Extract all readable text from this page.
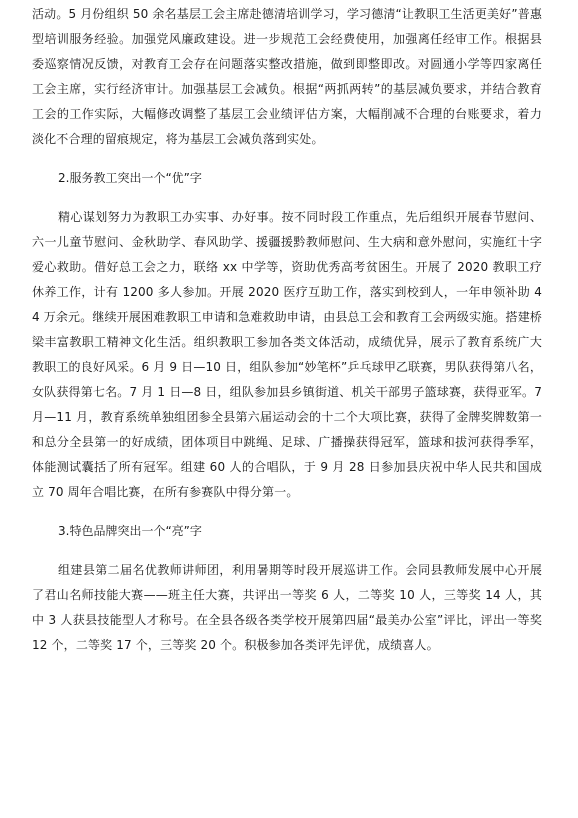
活动。5 月份组织 50 余名基层工会主席赴德清培训学习，学习德清“让教职工生活更美好”普惠型培训服务经验。加强党风廉政建设。进一步规范工会经费使用，加强离任经审工作。根据县委巡察情况反馈，对教育工会存在问题落实整改措施，做到即整即改。对圆通小学等四家离任工会主席，实行经济审计。加强基层工会减负。根据“两抓两转”的基层减负要求，并结合教育工会的工作实际，大幅修改调整了基层工会业绩评估方案，大幅削减不合理的台账要求，着力淡化不合理的留痕规定，将为基层工会减负落到实处。

2.服务教工突出一个“优”字

精心谋划努力为教职工办实事、办好事。按不同时段工作重点，先后组织开展春节慰问、六一儿童节慰问、金秋助学、春风助学、援疆援黔教师慰问、生大病和意外慰问，实施红十字爱心救助。借好总工会之力，联络 xx 中学等，资助优秀高考贫困生。开展了 2020 教职工疗休养工作，计有 1200 多人参加。开展 2020 医疗互助工作，落实到校到人，一年申领补助 44 万余元。继续开展困难教职工申请和急难救助申请，由县总工会和教育工会两级实施。搭建桥梁丰富教职工精神文化生活。组织教职工参加各类文体活动，成绩优异，展示了教育系统广大教职工的良好风采。6 月 9 日—10 日，组队参加“妙笔杯”乒乓球甲乙联赛，男队获得第八名，女队获得第七名。7 月 1 日—8 日，组队参加县乡镇街道、机关干部男子篮球赛，获得亚军。7 月—11 月，教育系统单独组团参全县第六届运动会的十二个大项比赛，获得了金牌奖牌数第一和总分全县第一的好成绩，团体项目中跳绳、足球、广播操获得冠军，篮球和拔河获得季军，体能测试囊括了所有冠军。组建 60 人的合唱队，于 9 月 28 日参加县庆祝中华人民共和国成立 70 周年合唱比赛，在所有参赛队中得分第一。

3.特色品牌突出一个“亮”字

组建县第二届名优教师讲师团，利用暑期等时段开展巡讲工作。会同县教师发展中心开展了君山名师技能大赛——班主任大赛，共评出一等奖 6 人，二等奖 10 人，三等奖 14 人，其中 3 人获县技能型人才称号。在全县各级各类学校开展第四届“最美办公室”评比，评出一等奖 12 个，二等奖 17 个，三等奖 20 个。积极参加各类评先评优，成绩喜人。
